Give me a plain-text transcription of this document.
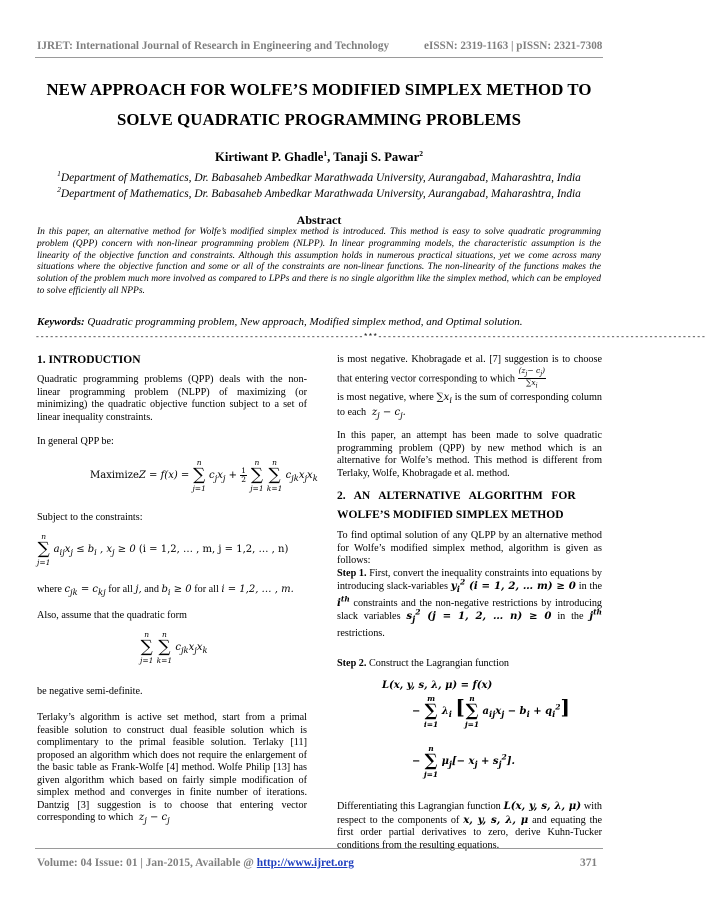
IJRET: International Journal of Research in Engineering and Technology	eISSN: 2319-1163 | pISSN: 2321-7308
NEW APPROACH FOR WOLFE’S MODIFIED SIMPLEX METHOD TO
SOLVE QUADRATIC PROGRAMMING PROBLEMS
Kirtiwant P. Ghadle$^1$, Tanaji S. Pawar$^2$
$^1$Department of Mathematics, Dr. Babasaheb Ambedkar Marathwada University, Aurangabad, Maharashtra, India
$^2$Department of Mathematics, Dr. Babasaheb Ambedkar Marathwada University, Aurangabad, Maharashtra, India
Abstract
In this paper, an alternative method for Wolfe’s modified simplex method is introduced. This method is easy to solve quadratic programming problem (QPP) concern with non-linear programming problem (NLPP). In linear programming models, the characteristic assumption is the linearity of the objective function and constraints. Although this assumption holds in numerous practical situations, yet we come across many situations where the objective function and some or all of the constraints are non-linear functions. The non-linearity of the functions makes the solution of the problem much more involved as compared to LPPs and there is no single algorithm like the simplex method, which can be employed to solve efficiently all NPPs.
Keywords: Quadratic programming problem, New approach, Modified simplex method, and Optimal solution.
---------------------------------------------------------------------***---------------------------------------------------------------------
1. INTRODUCTION
Quadratic programming problems (QPP) deals with the non-linear programming problem (NLPP) of maximizing (or minimizing) the quadratic objective function subject to a set of linear inequality constraints.
In general QPP be:
MaximizeZ = f(x) =
n
∑
j=1
$c_jx_j + \frac{1}{2}$

n
∑
j=1

n
∑
k=1
$c_{jk}x_jx_k$
Subject to the constraints:
n
∑
j=1
$a_{ij}x_j \le b_i$ , $x_j \ge 0$ (i = 1,2, … , m, j = 1,2, … , n)
where $c_{jk} = c_{kj}$ for all j, and $b_i \ge 0$ for all i = 1,2, … , m.
Also, assume that the quadratic form
n
∑
j=1

n
∑
k=1
$c_{jk}x_jx_k$
be negative semi-definite.
Terlaky’s algorithm is active set method, start from a primal feasible solution to construct dual feasible solution which is complimentary to the primal feasible solution. Terlaky [11] proposed an algorithm which does not require the enlargement of the basic table as Frank-Wolfe [4] method. Wolfe Philip [13] has given algorithm which based on fairly simple modification of simplex method and converges in finite number of iterations. Dantzig [3] suggestion is to choose that entering vector corresponding to which  $z_j - c_j$
is most negative. Khobragade et al. [7] suggestion is to choose that entering vector corresponding to which $\frac{(z_j- c_j)}{\sum x_i}$
is most negative, where $\sum x_i$ is the sum of corresponding column to each  $z_j - c_j$.
In this paper, an attempt has been made to solve quadratic programming problem (QPP) by new method which is an alternative for Wolfe’s method. This method is different from Terlaky, Wolfe, Khobragade et al. method.
2.   AN   ALTERNATIVE   ALGORITHM   FOR
WOLFE’S MODIFIED SIMPLEX METHOD
To find optimal solution of any QLPP by an alternative method for Wolfe’s modified simplex method, algorithm is given as follows:
Step 1. First, convert the inequality constraints into equations by introducing slack-variables $y_i^2$ (i = 1, 2, … m) ≥ 0 in the $i^{th}$ constraints and the non-negative restrictions by introducing slack variables $s_j^2$ (j = 1, 2, … n) ≥ 0 in the $j^{th}$ restrictions.
Step 2. Construct the Lagrangian function
L(x, y, s, λ, μ) = f(x)
−
m
∑
i=1
$\lambda_i$ [ n
∑
j=1
$a_{ij}x_j - b_i + q_i^2$]
−
n
∑
j=1
$\mu_j[- x_j + s_j^2]$.
Differentiating this Lagrangian function L(x, y, s, λ, μ) with respect to the components of x, y, s, λ, μ and equating the first order partial derivatives to zero, derive Kuhn-Tucker conditions from the resulting equations.
Volume: 04 Issue: 01 | Jan-2015, Available @ http://www.ijret.org	371
